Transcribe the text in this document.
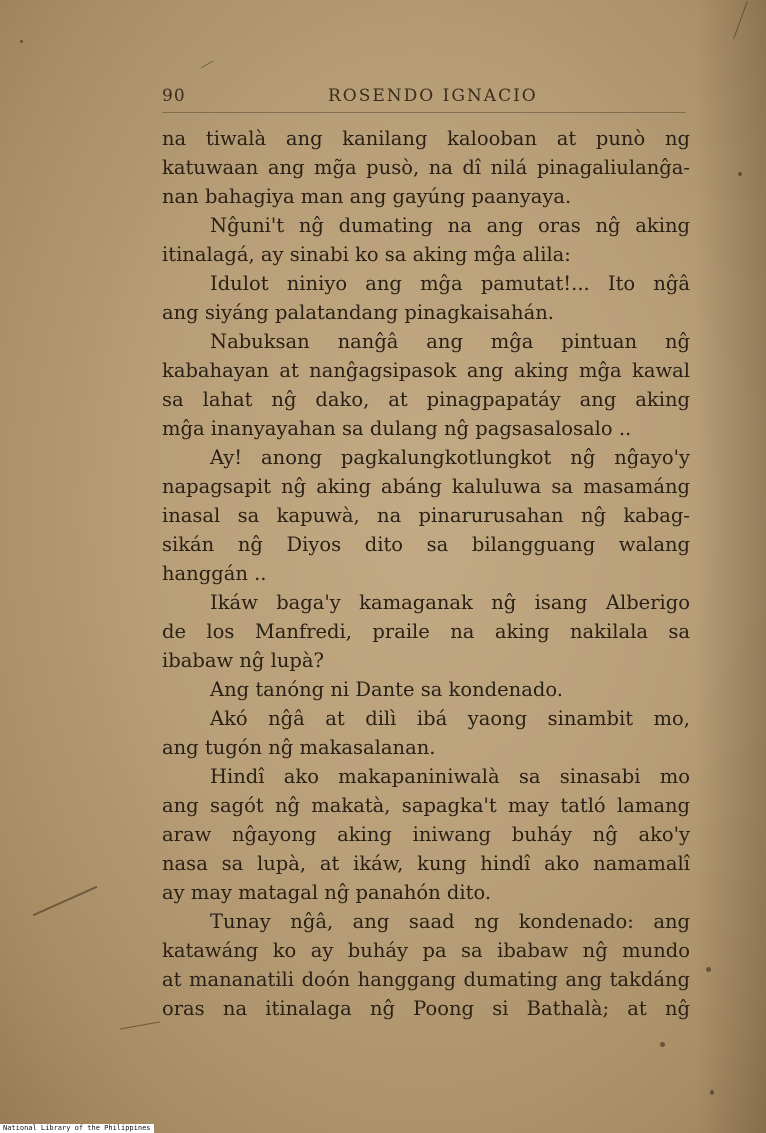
90	ROSENDO IGNACIO
na tiwalà ang kanilang kalooban at punò ng
katuwaan ang mg̃a pusò, na dî nilá pinagaliulanĝa-
nan bahagiya man ang gayúng paanyaya.
Nĝuni't nĝ dumating na ang oras nĝ aking
itinalagá, ay sinabi ko sa aking mĝa alila:
Idulot niniyo ang mĝa pamutat!... Ito nĝâ
ang siyáng palatandang pinagkaisahán.
Nabuksan nanĝâ ang mĝa pintuan nĝ
kabahayan at nanĝagsipasok ang aking mĝa kawal
sa lahat nĝ dako, at pinagpapatáy ang aking
mĝa inanyayahan sa dulang nĝ pagsasalosalo ..
Ay! anong pagkalungkotlungkot nĝ nĝayo'y
napagsapit nĝ aking abáng kaluluwa sa masamáng
inasal sa kapuwà, na pinarurusahan nĝ kabag-
sikán nĝ Diyos dito sa bilangguang walang
hanggán ..
Ikáw baga'y kamaganak nĝ isang Alberigo
de los Manfredi, praile na aking nakilala sa
ibabaw nĝ lupà?
Ang tanóng ni Dante sa kondenado.
Akó nĝâ at dilì ibá yaong sinambit mo,
ang tugón nĝ makasalanan.
Hindî ako makapaniniwalà sa sinasabi mo
ang sagót nĝ makatà, sapagka't may tatló lamang
araw nĝayong aking iniwang buháy nĝ ako'y
nasa sa lupà, at ikáw, kung hindî ako namamalî
ay may matagal nĝ panahón dito.
Tunay nĝâ, ang saad ng kondenado: ang
katawáng ko ay buháy pa sa ibabaw nĝ mundo
at mananatili doón hanggang dumating ang takdáng
oras na itinalaga nĝ Poong si Bathalà; at nĝ
National Library of the Philippines
